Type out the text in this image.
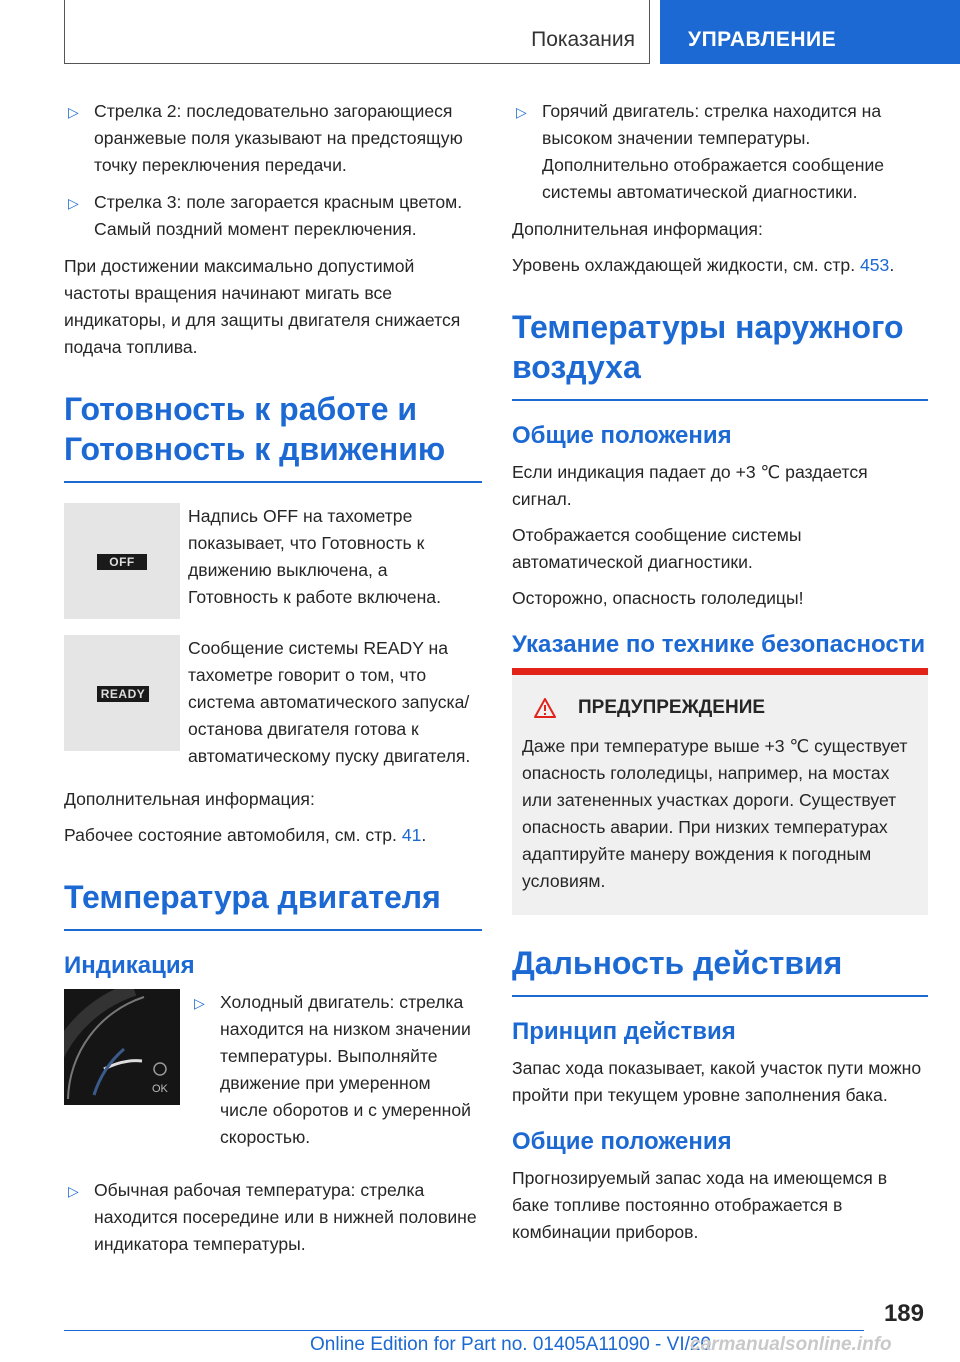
Показания	УПРАВЛЕНИЕ
▷ Стрелка 2: последовательно загорающиеся оранжевые поля указывают на предстоящую точку переключения передачи.
▷ Стрелка 3: поле загорается красным цветом. Самый поздний момент переключения.

При достижении максимально допустимой частоты вращения начинают мигать все индикаторы, и для защиты двигателя снижается подача топлива.

Готовность к работе и Готовность к движению
OFF
Надпись OFF на тахометре показывает, что Готовность к движению выключена, а Готовность к работе включена.
READY
Сообщение системы READY на тахометре говорит о том, что система автоматического запуска/останова двигателя готова к автоматическому пуску двигателя.

Дополнительная информация:

Рабочее состояние автомобиля, см. стр. 41.

Температура двигателя
Индикация
OK
▷ Холодный двигатель: стрелка находится на низком значении температуры. Выполняйте движение при умеренном числе оборотов и с умеренной скоростью.
▷ Обычная рабочая температура: стрелка находится посередине или в нижней половине индикатора температуры.
▷ Горячий двигатель: стрелка находится на высоком значении температуры. Дополнительно отображается сообщение системы автоматической диагностики.

Дополнительная информация:

Уровень охлаждающей жидкости, см. стр. 453.

Температуры наружного воздуха
Общие положения

Если индикация падает до +3 ℃ раздается сигнал.

Отображается сообщение системы автоматической диагностики.

Осторожно, опасность гололедицы!

Указание по технике безопасности
ПРЕДУПРЕЖДЕНИЕ

Даже при температуре выше +3 ℃ существует опасность гололедицы, например, на мостах или затененных участках дороги. Существует опасность аварии. При низких температурах адаптируйте манеру вождения к погодным условиям.

Дальность действия
Принцип действия

Запас хода показывает, какой участок пути можно пройти при текущем уровне заполнения бака.

Общие положения

Прогнозируемый запас хода на имеющемся в баке топливе постоянно отображается в комбинации приборов.

189
Online Edition for Part no. 01405A11090 - VI/20
carmanualsonline.info
